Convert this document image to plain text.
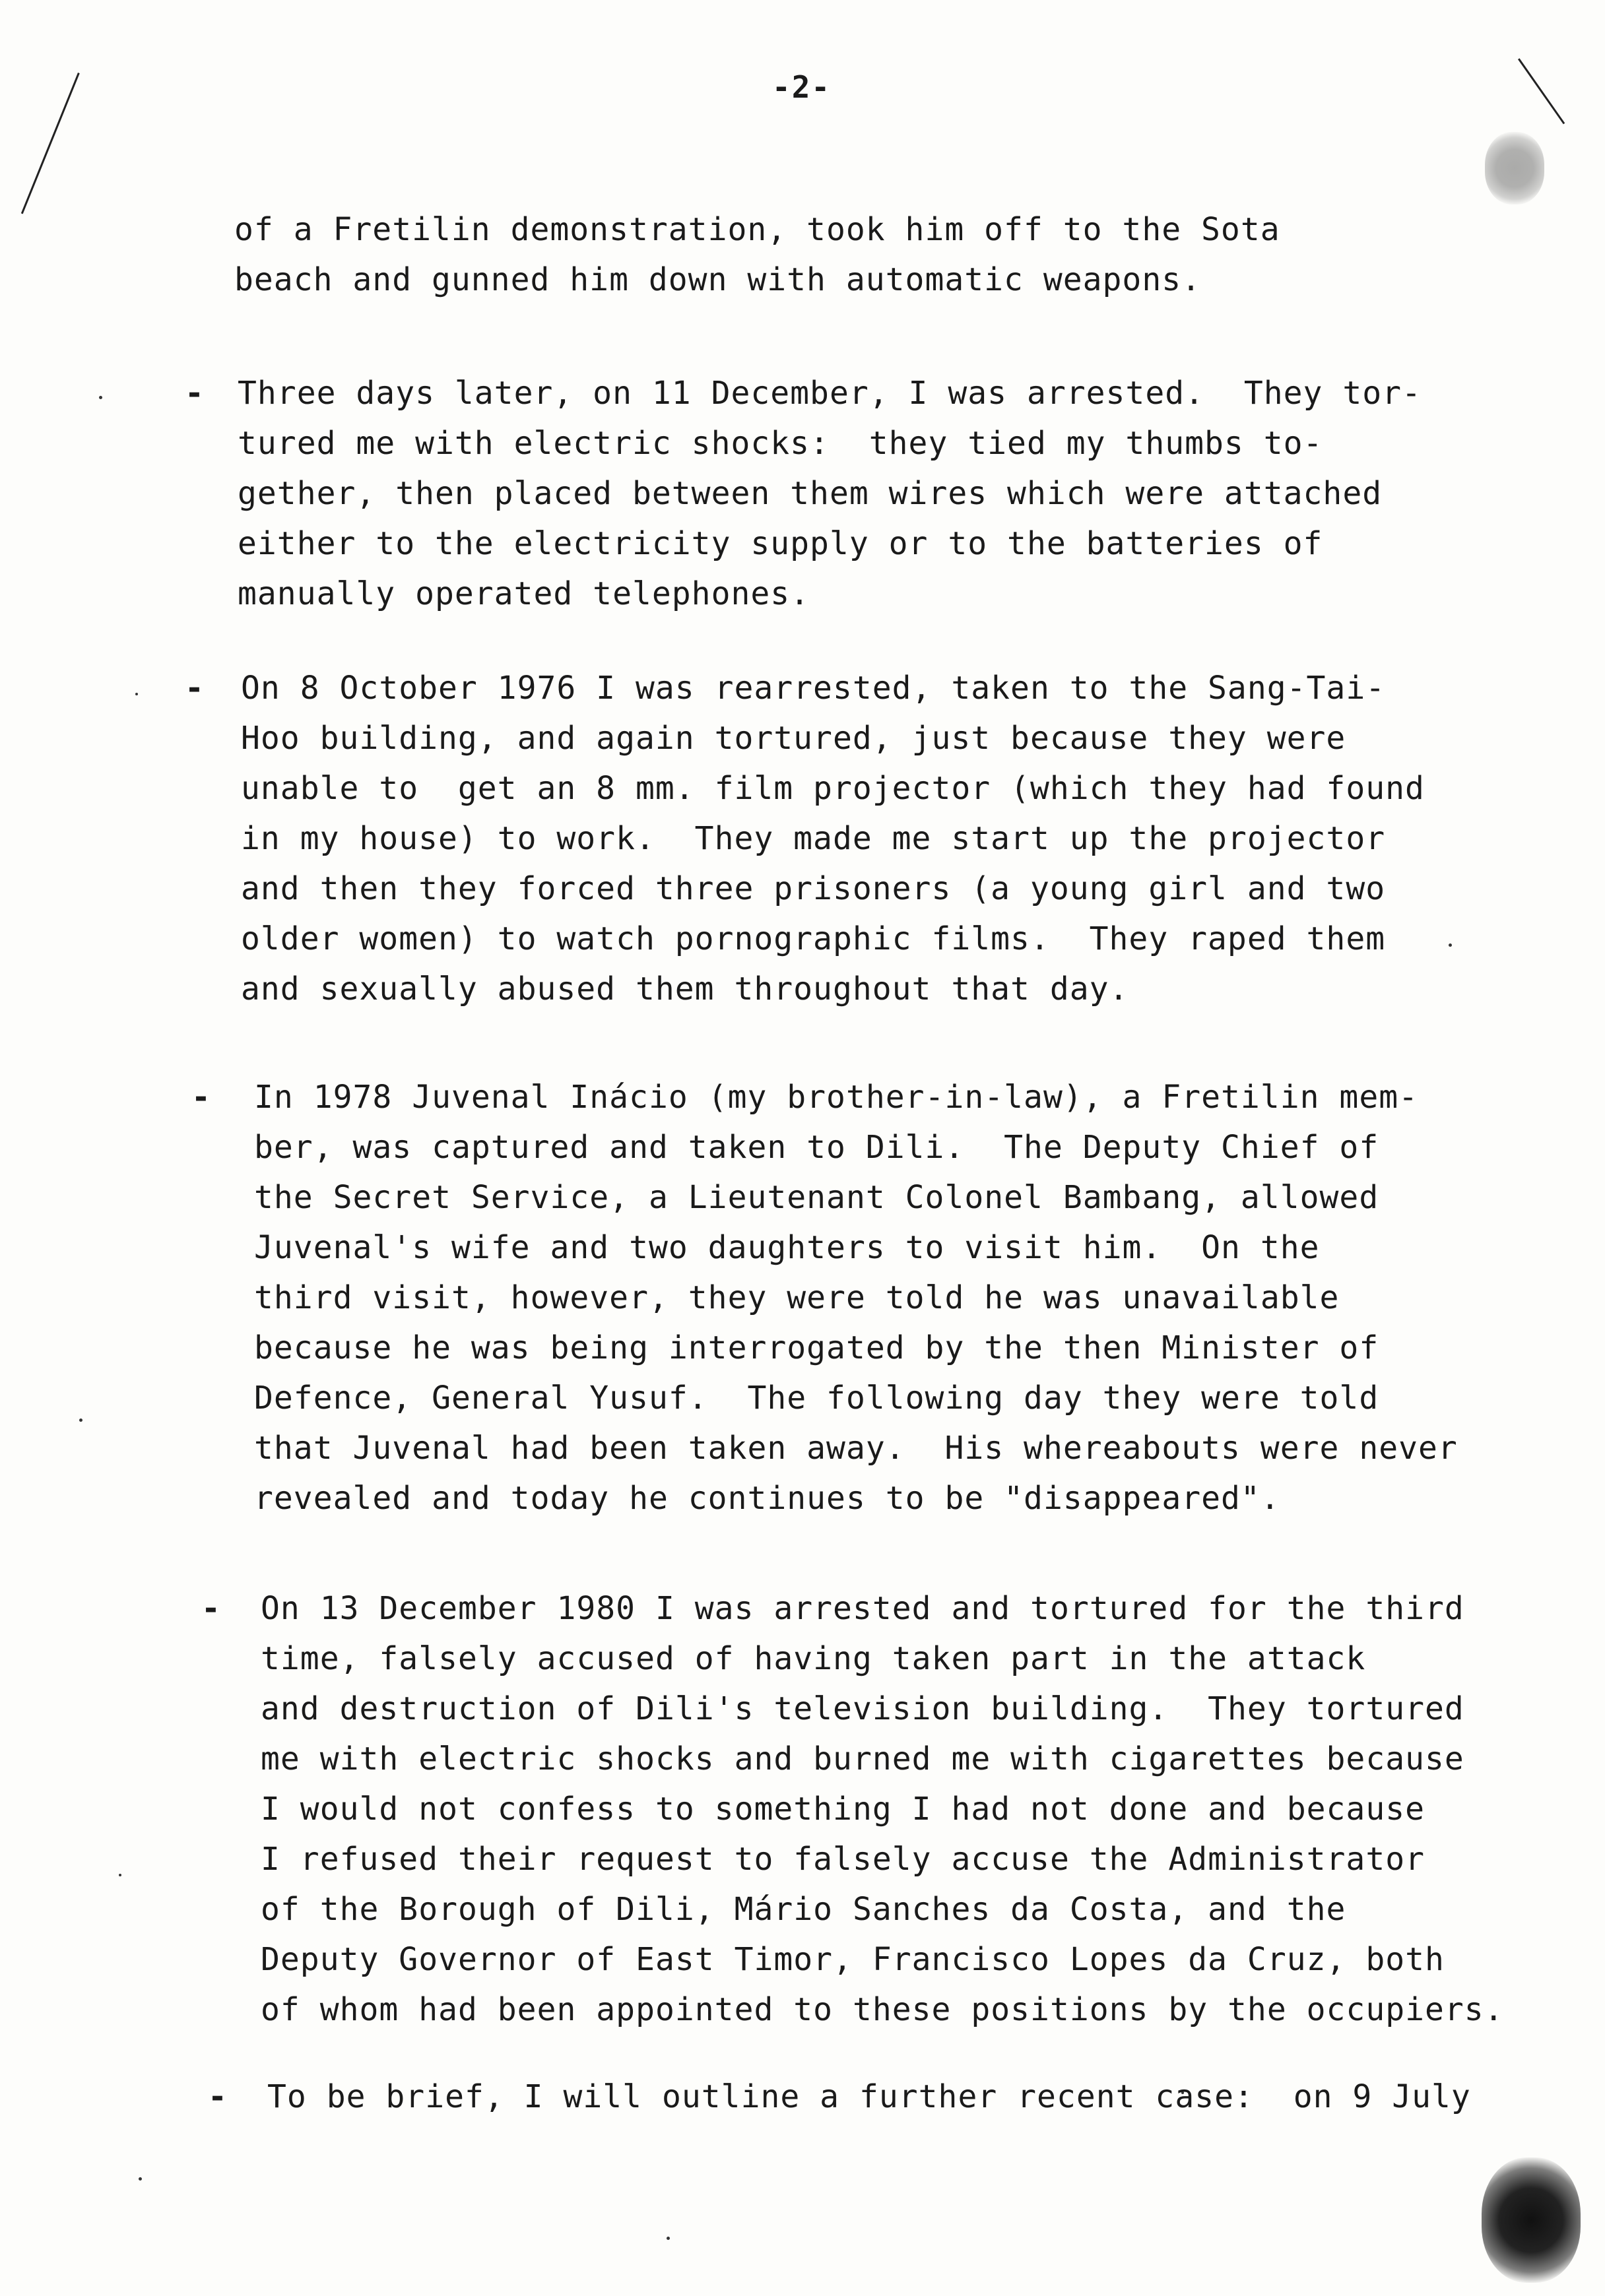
-2-
of a Fretilin demonstration, took him off to the Sota
beach and gunned him down with automatic weapons.
- Three days later, on 11 December, I was arrested.  They tor-
tured me with electric shocks:  they tied my thumbs to-
gether, then placed between them wires which were attached
either to the electricity supply or to the batteries of
manually operated telephones.
- On 8 October 1976 I was rearrested, taken to the Sang-Tai-
Hoo building, and again tortured, just because they were
unable to  get an 8 mm. film projector (which they had found
in my house) to work.  They made me start up the projector
and then they forced three prisoners (a young girl and two
older women) to watch pornographic films.  They raped them
and sexually abused them throughout that day.
- In 1978 Juvenal Inácio (my brother-in-law), a Fretilin mem-
ber, was captured and taken to Dili.  The Deputy Chief of
the Secret Service, a Lieutenant Colonel Bambang, allowed
Juvenal's wife and two daughters to visit him.  On the
third visit, however, they were told he was unavailable
because he was being interrogated by the then Minister of
Defence, General Yusuf.  The following day they were told
that Juvenal had been taken away.  His whereabouts were never
revealed and today he continues to be "disappeared".
- On 13 December 1980 I was arrested and tortured for the third
time, falsely accused of having taken part in the attack
and destruction of Dili's television building.  They tortured
me with electric shocks and burned me with cigarettes because
I would not confess to something I had not done and because
I refused their request to falsely accuse the Administrator
of the Borough of Dili, Mário Sanches da Costa, and the
Deputy Governor of East Timor, Francisco Lopes da Cruz, both
of whom had been appointed to these positions by the occupiers.
- To be brief, I will outline a further recent case:  on 9 July
